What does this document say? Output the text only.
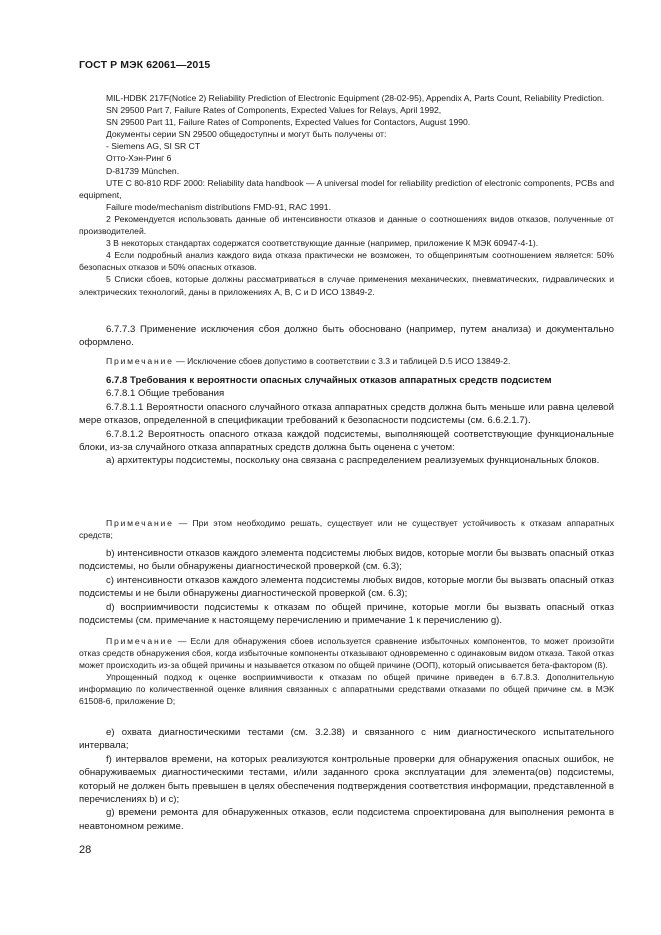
ГОСТ Р МЭК 62061—2015

MIL-HDBK 217F(Notice 2) Reliability Prediction of Electronic Equipment (28-02-95), Appendix A, Parts Count, Reliability Prediction.

SN 29500 Part 7, Failure Rates of Components, Expected Values for Relays, April 1992,

SN 29500 Part 11, Failure Rates of Components, Expected Values for Contactors, August 1990.

Документы серии SN 29500 общедоступны и могут быть получены от:

- Siemens AG, SI SR CT

Отто-Хэн-Ринг 6

D-81739 München.

UTE C 80-810 RDF 2000: Reliability data handbook — A universal model for reliability prediction of electronic components, PCBs and equipment,

Failure mode/mechanism distributions FMD-91, RAC 1991.

2 Рекомендуется использовать данные об интенсивности отказов и данные о соотношениях видов отказов, полученные от производителей.

3 В некоторых стандартах содержатся соответствующие данные (например, приложение К МЭК 60947-4-1).

4 Если подробный анализ каждого вида отказа практически не возможен, то общепринятым соотношением является: 50% безопасных отказов и 50% опасных отказов.

5 Списки сбоев, которые должны рассматриваться в случае применения механических, пневматических, гидравлических и электрических технологий, даны в приложениях А, В, С и D ИСО 13849-2.

6.7.7.3 Применение исключения сбоя должно быть обосновано (например, путем анализа) и документально оформлено.

Примечание — Исключение сбоев допустимо в соответствии с 3.3 и таблицей D.5 ИСО 13849-2.

6.7.8 Требования к вероятности опасных случайных отказов аппаратных средств подсистем

6.7.8.1 Общие требования

6.7.8.1.1 Вероятности опасного случайного отказа аппаратных средств должна быть меньше или равна целевой мере отказов, определенной в спецификации требований к безопасности подсистемы (см. 6.6.2.1.7).

6.7.8.1.2 Вероятность опасного отказа каждой подсистемы, выполняющей соответствующие функциональные блоки, из-за случайного отказа аппаратных средств должна быть оценена с учетом:

а) архитектуры подсистемы, поскольку она связана с распределением реализуемых функциональных блоков.

Примечание — При этом необходимо решать, существует или не существует устойчивость к отказам аппаратных средств;

b) интенсивности отказов каждого элемента подсистемы любых видов, которые могли бы вызвать опасный отказ подсистемы, но были обнаружены диагностической проверкой (см. 6.3);

с) интенсивности отказов каждого элемента подсистемы любых видов, которые могли бы вызвать опасный отказ подсистемы и не были обнаружены диагностической проверкой (см. 6.3);

d) восприимчивости подсистемы к отказам по общей причине, которые могли бы вызвать опасный отказ подсистемы (см. примечание к настоящему перечислению и примечание 1 к перечислению g).

Примечание — Если для обнаружения сбоев используется сравнение избыточных компонентов, то может произойти отказ средств обнаружения сбоя, когда избыточные компоненты отказывают одновременно с одинаковым видом отказа. Такой отказ может происходить из-за общей причины и называется отказом по общей причине (ООП), который описывается бета-фактором (ß).

Упрощенный подход к оценке восприимчивости к отказам по общей причине приведен в 6.7.8.3. Дополнительную информацию по количественной оценке влияния связанных с аппаратными средствами отказами по общей причине см. в МЭК 61508-6, приложение D;

е) охвата диагностическими тестами (см. 3.2.38) и связанного с ним диагностического испытательного интервала;

f) интервалов времени, на которых реализуются контрольные проверки для обнаружения опасных ошибок, не обнаруживаемых диагностическими тестами, и/или заданного срока эксплуатации для элемента(ов) подсистемы, который не должен быть превышен в целях обеспечения подтверждения соответствия информации, представленной в перечислениях b) и с);

g) времени ремонта для обнаруженных отказов, если подсистема спроектирована для выполнения ремонта в неавтономном режиме.

28
